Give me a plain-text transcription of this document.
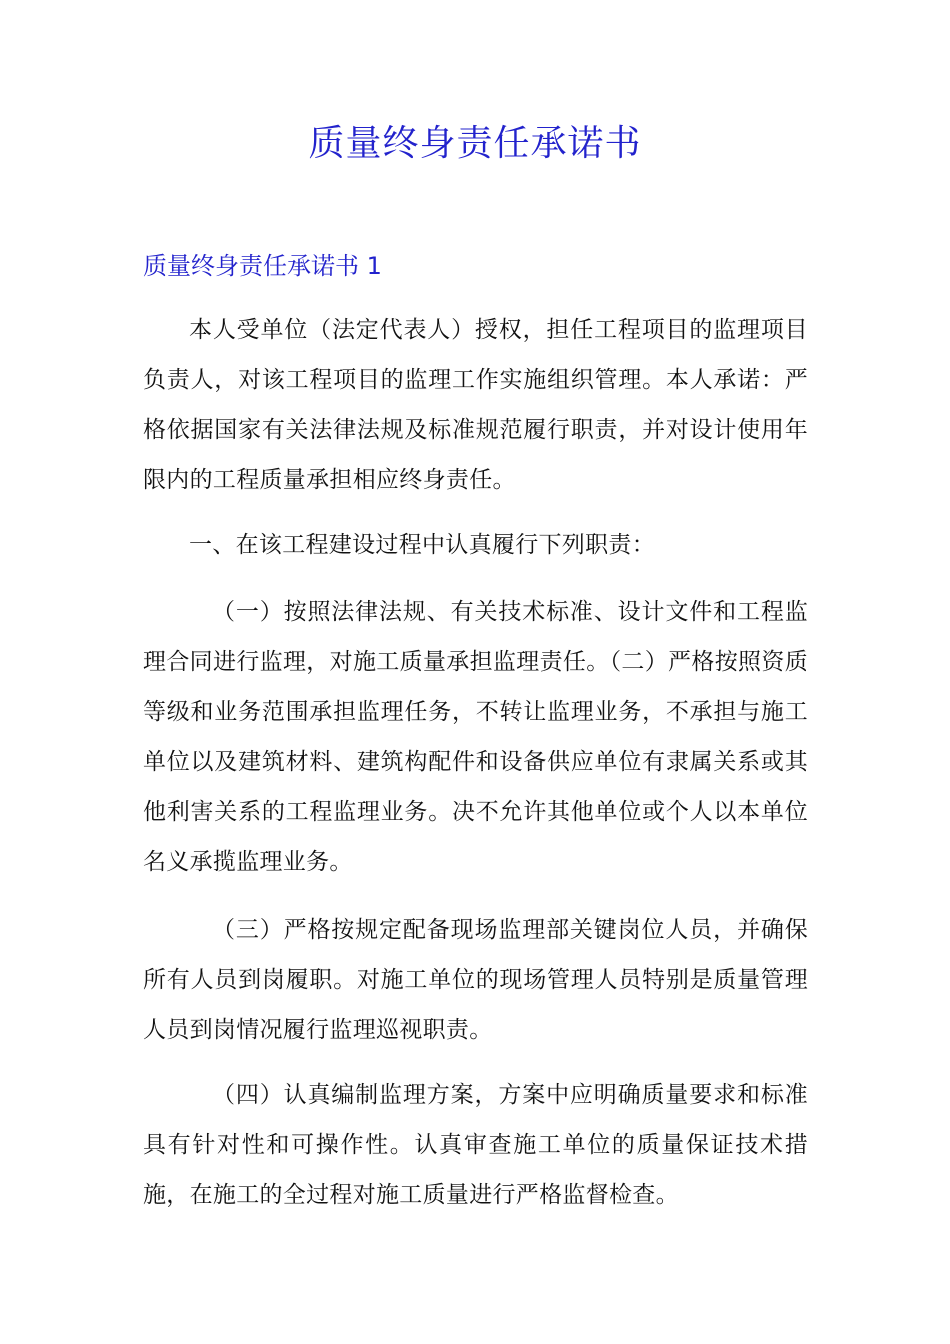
质量终身责任承诺书
质量终身责任承诺书 1

本人受单位（法定代表人）授权，担任工程项目的监理项目负责人，对该工程项目的监理工作实施组织管理。本人承诺：严格依据国家有关法律法规及标准规范履行职责，并对设计使用年限内的工程质量承担相应终身责任。

一、在该工程建设过程中认真履行下列职责：

（一）按照法律法规、有关技术标准、设计文件和工程监理合同进行监理，对施工质量承担监理责任。（二）严格按照资质等级和业务范围承担监理任务，不转让监理业务，不承担与施工单位以及建筑材料、建筑构配件和设备供应单位有隶属关系或其他利害关系的工程监理业务。决不允许其他单位或个人以本单位名义承揽监理业务。

（三）严格按规定配备现场监理部关键岗位人员，并确保所有人员到岗履职。对施工单位的现场管理人员特别是质量管理人员到岗情况履行监理巡视职责。

（四）认真编制监理方案，方案中应明确质量要求和标准具有针对性和可操作性。认真审查施工单位的质量保证技术措施，在施工的全过程对施工质量进行严格监督检查。
